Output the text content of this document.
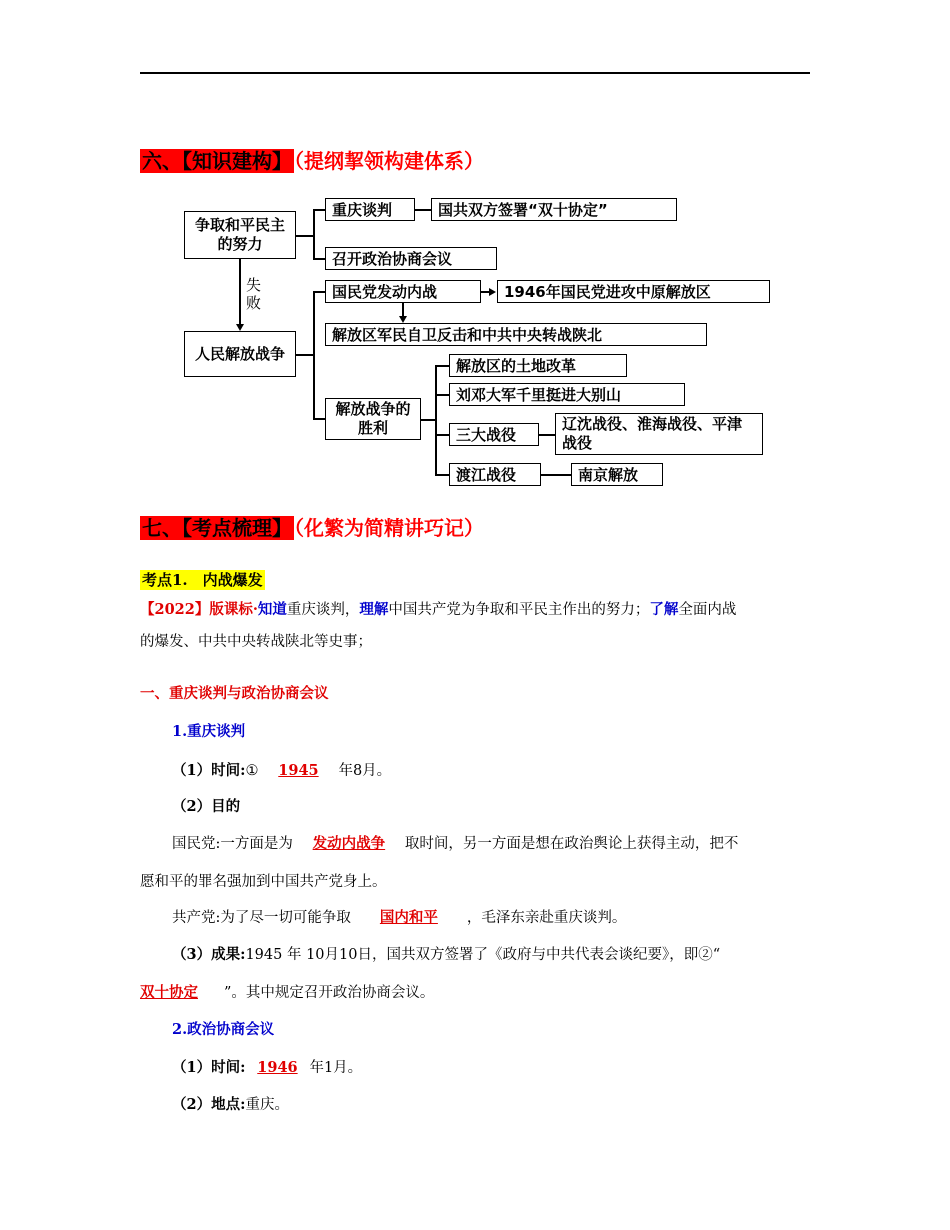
六、【知识建构】 （提纲挈领构建体系）
争取和平民主的努力
重庆谈判	国共双方签署“双十协定”
召开政治协商会议
失败
人民解放战争
国民党发动内战	1946年国民党进攻中原解放区
解放区军民自卫反击和中共中央转战陕北
解放战争的胜利
解放区的土地改革
刘邓大军千里挺进大别山
三大战役
辽沈战役、淮海战役、平津战役
渡江战役	南京解放
七、【考点梳理】 （化繁为简精讲巧记）
考点1.　内战爆发
【2022】版课标·知道重庆谈判，理解中国共产党为争取和平民主作出的努力；了解全面内战
的爆发、中共中央转战陕北等史事；
一、重庆谈判与政治协商会议
1.重庆谈判
（1）时间:① 1945 年8月。
（2）目的
国民党:一方面是为 发动内战争 取时间，另一方面是想在政治舆论上获得主动，把不
愿和平的罪名强加到中国共产党身上。
共产党:为了尽一切可能争取 国内和平 ，毛泽东亲赴重庆谈判。
（3）成果:1945 年 10月10日，国共双方签署了《政府与中共代表会谈纪要》，即②“
双十协定 ”。其中规定召开政治协商会议。
2.政治协商会议
（1）时间: 1946 年1月。
（2）地点:重庆。
